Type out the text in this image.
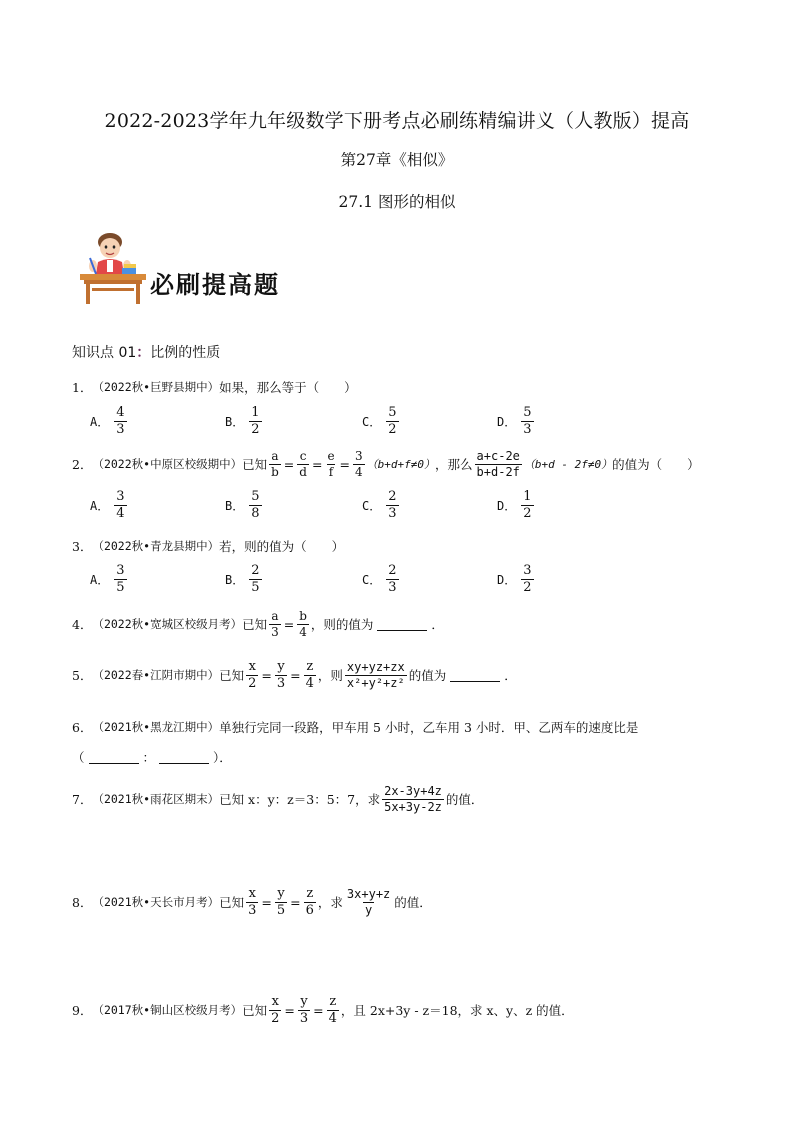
2022-2023学年九年级数学下册考点必刷练精编讲义（人教版）提高
第27章《相似》
27.1 图形的相似
必刷提高题
知识点 01：比例的性质
1． （2022秋•巨野县期中） 如果，那么等于（　　）
A． $\frac{4}{3}$	B． $\frac{1}{2}$	C． $\frac{5}{2}$	D． $\frac{5}{3}$
2． （2022秋•中原区校级期中） 已知 $\frac{a}{b} = \frac{c}{d} = \frac{e}{f} = \frac{3}{4} (b+d+f\ne 0)$ ，那么 $\frac{a+c-2e}{b+d-2f} (b+d - 2f\ne 0)$ 的值为（　　）
A． $\frac{3}{4}$	B． $\frac{5}{8}$	C． $\frac{2}{3}$	D． $\frac{1}{2}$
3． （2022秋•青龙县期中） 若，则的值为（　　）
A． $\frac{3}{5}$	B． $\frac{2}{5}$	C． $\frac{2}{3}$	D． $\frac{3}{2}$
4． （2022秋•宽城区校级月考） 已知 $\frac{a}{3} = \frac{b}{4}$ ，则的值为	．
5． （2022春•江阴市期中） 已知 $\frac{x}{2} = \frac{y}{3} = \frac{z}{4}$ ，则 $\frac{xy+yz+zx}{\text{x²+y²+z²}}$ 的值为	．
6． （2021秋•黑龙江期中） 单独行完同一段路，甲车用 5 小时，乙车用 3 小时．甲、乙两车的速度比是
（	：	）．
7． （2021秋•雨花区期末） 已知 x：y：z＝3：5：7，求 $\frac{2x-3y+4z}{5x+3y-2z}$ 的值．
8． （2021秋•天长市月考） 已知 $\frac{x}{3} = \frac{y}{5} = \frac{z}{6}$ ，求 $\frac{3x+y+z}{y}$ 的值．
9． （2017秋•铜山区校级月考） 已知 $\frac{x}{2} = \frac{y}{3} = \frac{z}{4}$ ，且 2x+3y - z＝18，求 x、y、z 的值．
